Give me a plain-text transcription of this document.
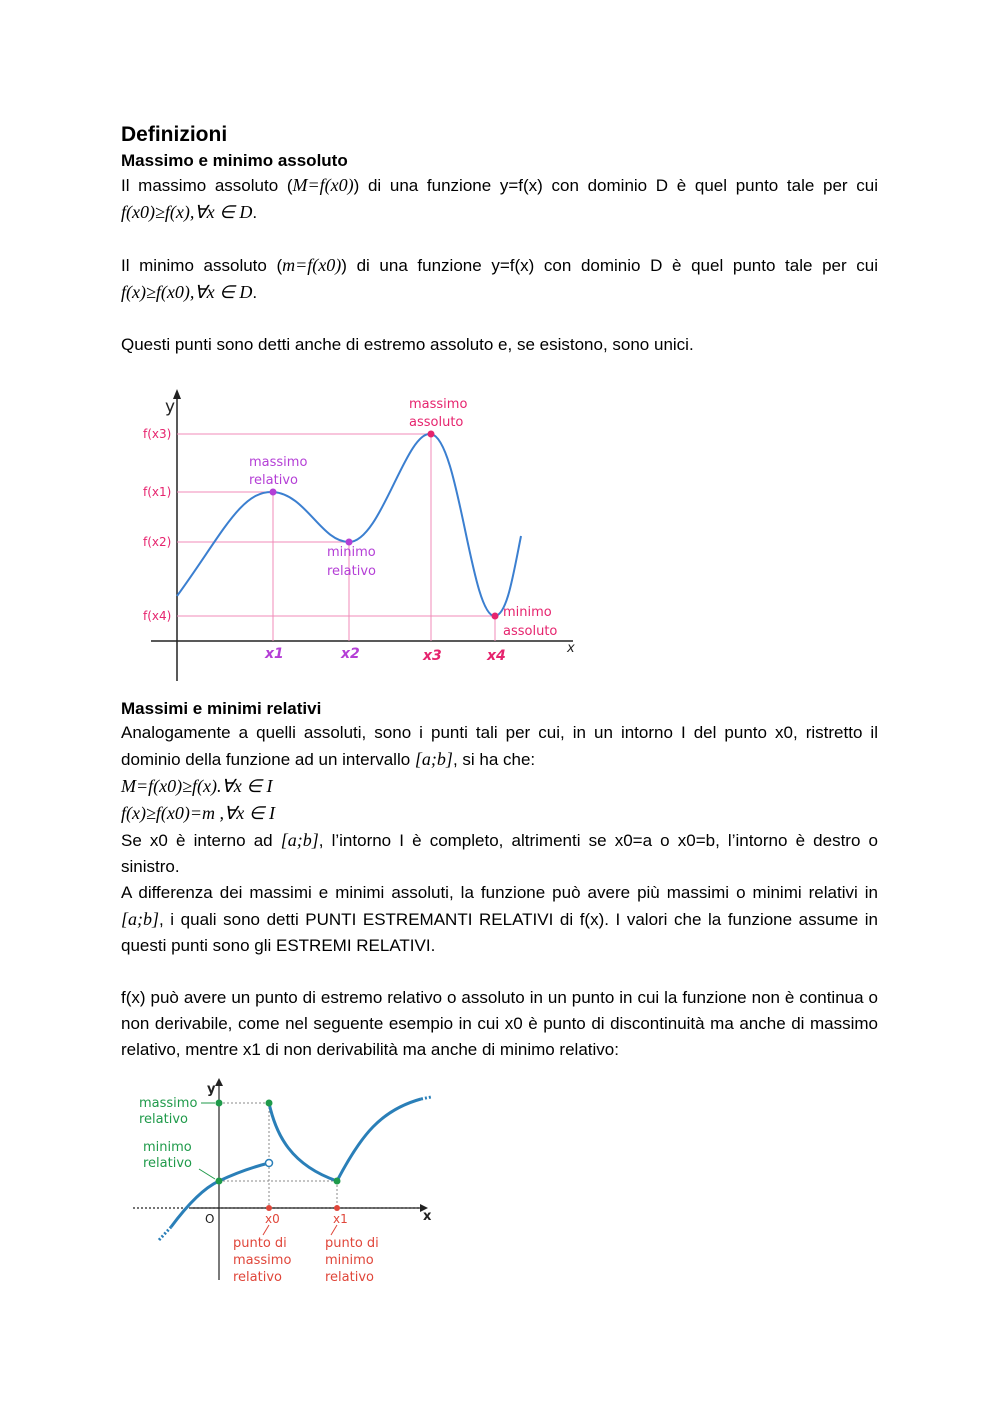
Definizioni
Massimo e minimo assoluto

Il massimo assoluto (M=f(x0)) di una funzione y=f(x) con dominio D è quel punto tale per cui f(x0)≥f(x),∀x ∈ D.

Il minimo assoluto (m=f(x0)) di una funzione y=f(x) con dominio D è quel punto tale per cui f(x)≥f(x0),∀x ∈ D.

Questi punti sono detti anche di estremo assoluto e, se esistono, sono unici.

y
x
f(x3)
f(x1)
f(x2)
f(x4)
x1	x2	x3	x4
massimo
relativo
minimo
relativo
massimo
assoluto
minimo
assoluto
Massimi e minimi relativi

Analogamente a quelli assoluti, sono i punti tali per cui, in un intorno I del punto x0, ristretto il dominio della funzione ad un intervallo [a;b], si ha che:

M=f(x0)≥f(x).∀x ∈ I

f(x)≥f(x0)=m ,∀x ∈ I

Se x0 è interno ad [a;b], l’intorno I è completo, altrimenti se x0=a o x0=b, l’intorno è destro o sinistro.

A differenza dei massimi e minimi assoluti, la funzione può avere più massimi o minimi relativi in [a;b], i quali sono detti PUNTI ESTREMANTI RELATIVI di f(x). I valori che la funzione assume in questi punti sono gli ESTREMI RELATIVI.

f(x) può avere un punto di estremo relativo o assoluto in un punto in cui la funzione non è continua o non derivabile, come nel seguente esempio in cui x0 è punto di discontinuità ma anche di massimo relativo, mentre x1 di non derivabilità ma anche di minimo relativo:

y
x
O	x0	x1
massimo
relativo
minimo
relativo
punto di
massimo
relativo
punto di
minimo
relativo
